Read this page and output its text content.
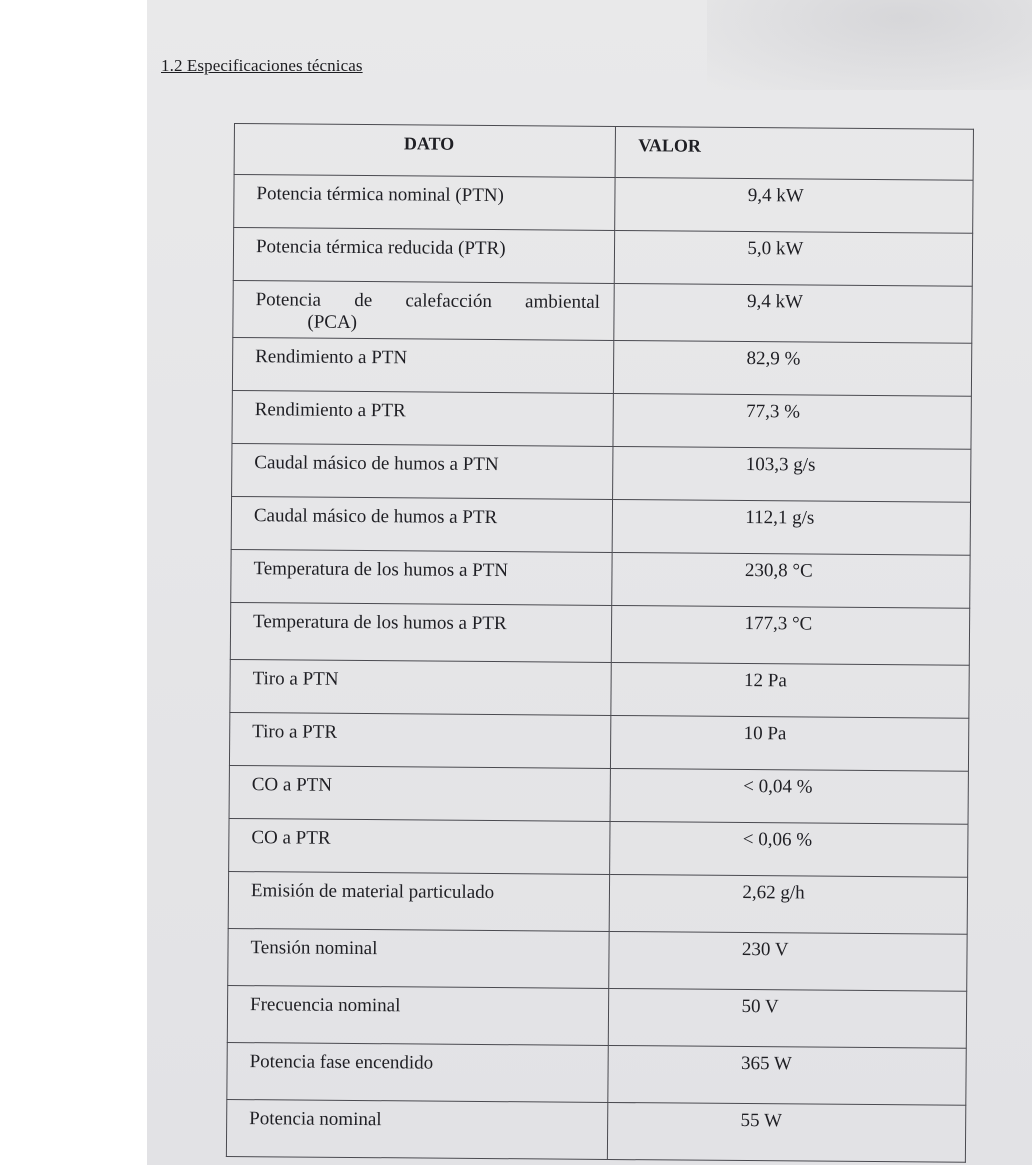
1.2 Especificaciones técnicas
DATO	VALOR
Potencia térmica nominal (PTN)	9,4 kW
Potencia térmica reducida (PTR)	5,0 kW

Potencia de calefacción ambiental
(PCA)	9,4 kW
Rendimiento a PTN	82,9 %
Rendimiento a PTR	77,3 %
Caudal másico de humos a PTN	103,3 g/s
Caudal másico de humos a PTR	112,1 g/s
Temperatura de los humos a PTN	230,8 °C
Temperatura de los humos a PTR	177,3 °C
Tiro a PTN	12 Pa
Tiro a PTR	10 Pa
CO a PTN	< 0,04 %
CO a PTR	< 0,06 %
Emisión de material particulado	2,62 g/h
Tensión nominal	230 V
Frecuencia nominal	50 V
Potencia fase encendido	365 W
Potencia nominal	55 W
